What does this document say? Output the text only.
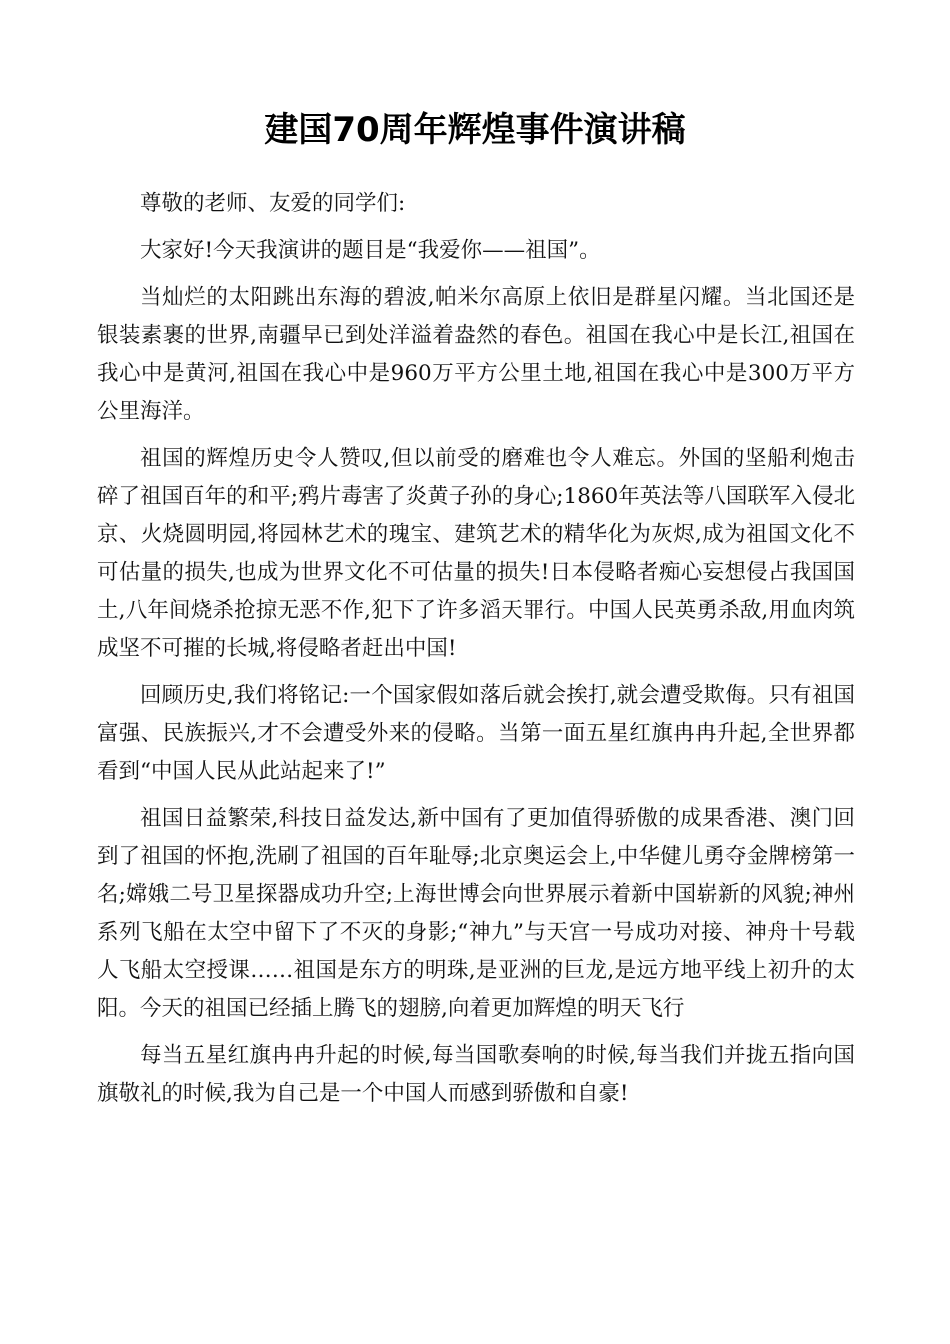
建国70周年辉煌事件演讲稿

尊敬的老师、友爱的同学们:

大家好!今天我演讲的题目是“我爱你——祖国”。

当灿烂的太阳跳出东海的碧波,帕米尔高原上依旧是群星闪耀。当北国还是银装素裹的世界,南疆早已到处洋溢着盎然的春色。祖国在我心中是长江,祖国在我心中是黄河,祖国在我心中是960万平方公里土地,祖国在我心中是300万平方公里海洋。

祖国的辉煌历史令人赞叹,但以前受的磨难也令人难忘。外国的坚船利炮击碎了祖国百年的和平;鸦片毒害了炎黄子孙的身心;1860年英法等八国联军入侵北京、火烧圆明园,将园林艺术的瑰宝、建筑艺术的精华化为灰烬,成为祖国文化不可估量的损失,也成为世界文化不可估量的损失!日本侵略者痴心妄想侵占我国国土,八年间烧杀抢掠无恶不作,犯下了许多滔天罪行。中国人民英勇杀敌,用血肉筑成坚不可摧的长城,将侵略者赶出中国!

回顾历史,我们将铭记:一个国家假如落后就会挨打,就会遭受欺侮。只有祖国富强、民族振兴,才不会遭受外来的侵略。当第一面五星红旗冉冉升起,全世界都看到“中国人民从此站起来了!”

祖国日益繁荣,科技日益发达,新中国有了更加值得骄傲的成果香港、澳门回到了祖国的怀抱,洗刷了祖国的百年耻辱;北京奥运会上,中华健儿勇夺金牌榜第一名;嫦娥二号卫星探器成功升空;上海世博会向世界展示着新中国崭新的风貌;神州系列飞船在太空中留下了不灭的身影;“神九”与天宫一号成功对接、神舟十号载人飞船太空授课……祖国是东方的明珠,是亚洲的巨龙,是远方地平线上初升的太阳。今天的祖国已经插上腾飞的翅膀,向着更加辉煌的明天飞行

每当五星红旗冉冉升起的时候,每当国歌奏响的时候,每当我们并拢五指向国旗敬礼的时候,我为自己是一个中国人而感到骄傲和自豪!
